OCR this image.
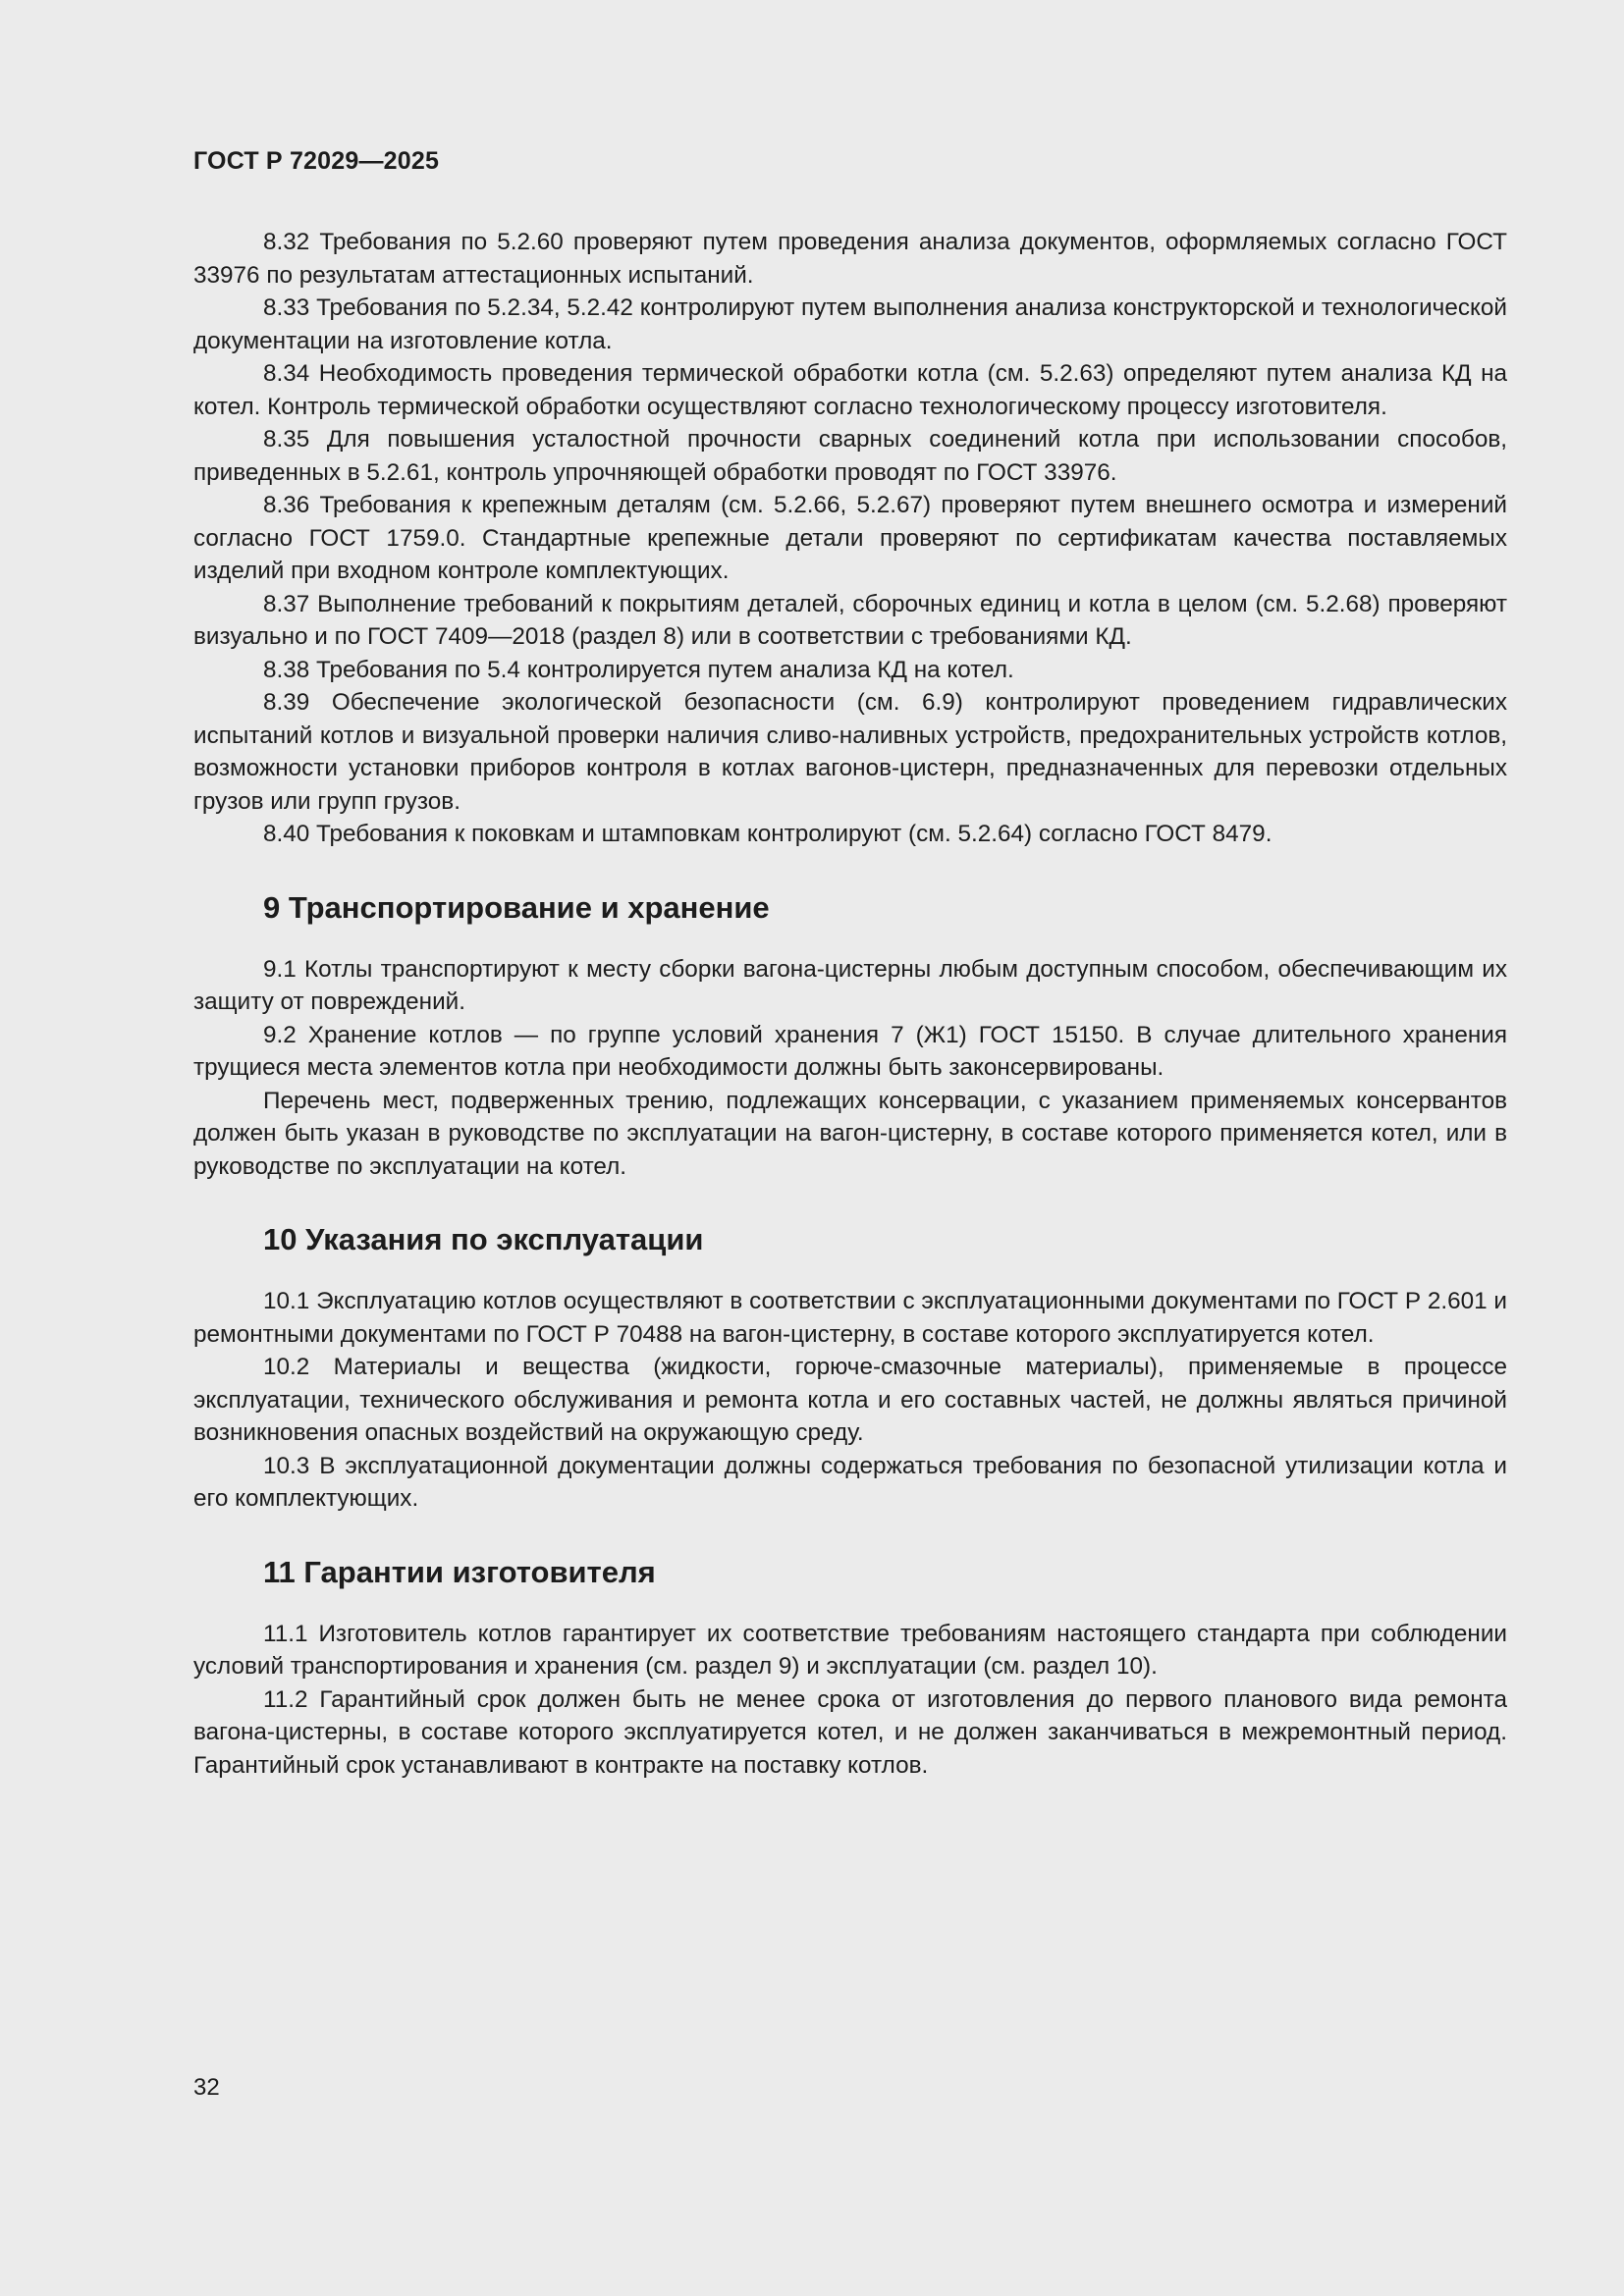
ГОСТ Р 72029—2025

8.32 Требования по 5.2.60 проверяют путем проведения анализа документов, оформляемых согласно ГОСТ 33976 по результатам аттестационных испытаний.

8.33 Требования по 5.2.34, 5.2.42 контролируют путем выполнения анализа конструкторской и технологической документации на изготовление котла.

8.34 Необходимость проведения термической обработки котла (см. 5.2.63) определяют путем анализа КД на котел. Контроль термической обработки осуществляют согласно технологическому процессу изготовителя.

8.35 Для повышения усталостной прочности сварных соединений котла при использовании способов, приведенных в 5.2.61, контроль упрочняющей обработки проводят по ГОСТ 33976.

8.36 Требования к крепежным деталям (см. 5.2.66, 5.2.67) проверяют путем внешнего осмотра и измерений согласно ГОСТ 1759.0. Стандартные крепежные детали проверяют по сертификатам качества поставляемых изделий при входном контроле комплектующих.

8.37 Выполнение требований к покрытиям деталей, сборочных единиц и котла в целом (см. 5.2.68) проверяют визуально и по ГОСТ 7409—2018 (раздел 8) или в соответствии с требованиями КД.

8.38 Требования по 5.4 контролируется путем анализа КД на котел.

8.39 Обеспечение экологической безопасности (см. 6.9) контролируют проведением гидравлических испытаний котлов и визуальной проверки наличия сливо-наливных устройств, предохранительных устройств котлов, возможности установки приборов контроля в котлах вагонов-цистерн, предназначенных для перевозки отдельных грузов или групп грузов.

8.40 Требования к поковкам и штамповкам контролируют (см. 5.2.64) согласно ГОСТ 8479.

9 Транспортирование и хранение

9.1 Котлы транспортируют к месту сборки вагона-цистерны любым доступным способом, обеспечивающим их защиту от повреждений.

9.2 Хранение котлов — по группе условий хранения 7 (Ж1) ГОСТ 15150. В случае длительного хранения трущиеся места элементов котла при необходимости должны быть законсервированы.

Перечень мест, подверженных трению, подлежащих консервации, с указанием применяемых консервантов должен быть указан в руководстве по эксплуатации на вагон-цистерну, в составе которого применяется котел, или в руководстве по эксплуатации на котел.

10 Указания по эксплуатации

10.1 Эксплуатацию котлов осуществляют в соответствии с эксплуатационными документами по ГОСТ Р 2.601 и ремонтными документами по ГОСТ Р 70488 на вагон-цистерну, в составе которого эксплуатируется котел.

10.2 Материалы и вещества (жидкости, горюче-смазочные материалы), применяемые в процессе эксплуатации, технического обслуживания и ремонта котла и его составных частей, не должны являться причиной возникновения опасных воздействий на окружающую среду.

10.3 В эксплуатационной документации должны содержаться требования по безопасной утилизации котла и его комплектующих.

11 Гарантии изготовителя

11.1 Изготовитель котлов гарантирует их соответствие требованиям настоящего стандарта при соблюдении условий транспортирования и хранения (см. раздел 9) и эксплуатации (см. раздел 10).

11.2 Гарантийный срок должен быть не менее срока от изготовления до первого планового вида ремонта вагона-цистерны, в составе которого эксплуатируется котел, и не должен заканчиваться в межремонтный период. Гарантийный срок устанавливают в контракте на поставку котлов.

32
